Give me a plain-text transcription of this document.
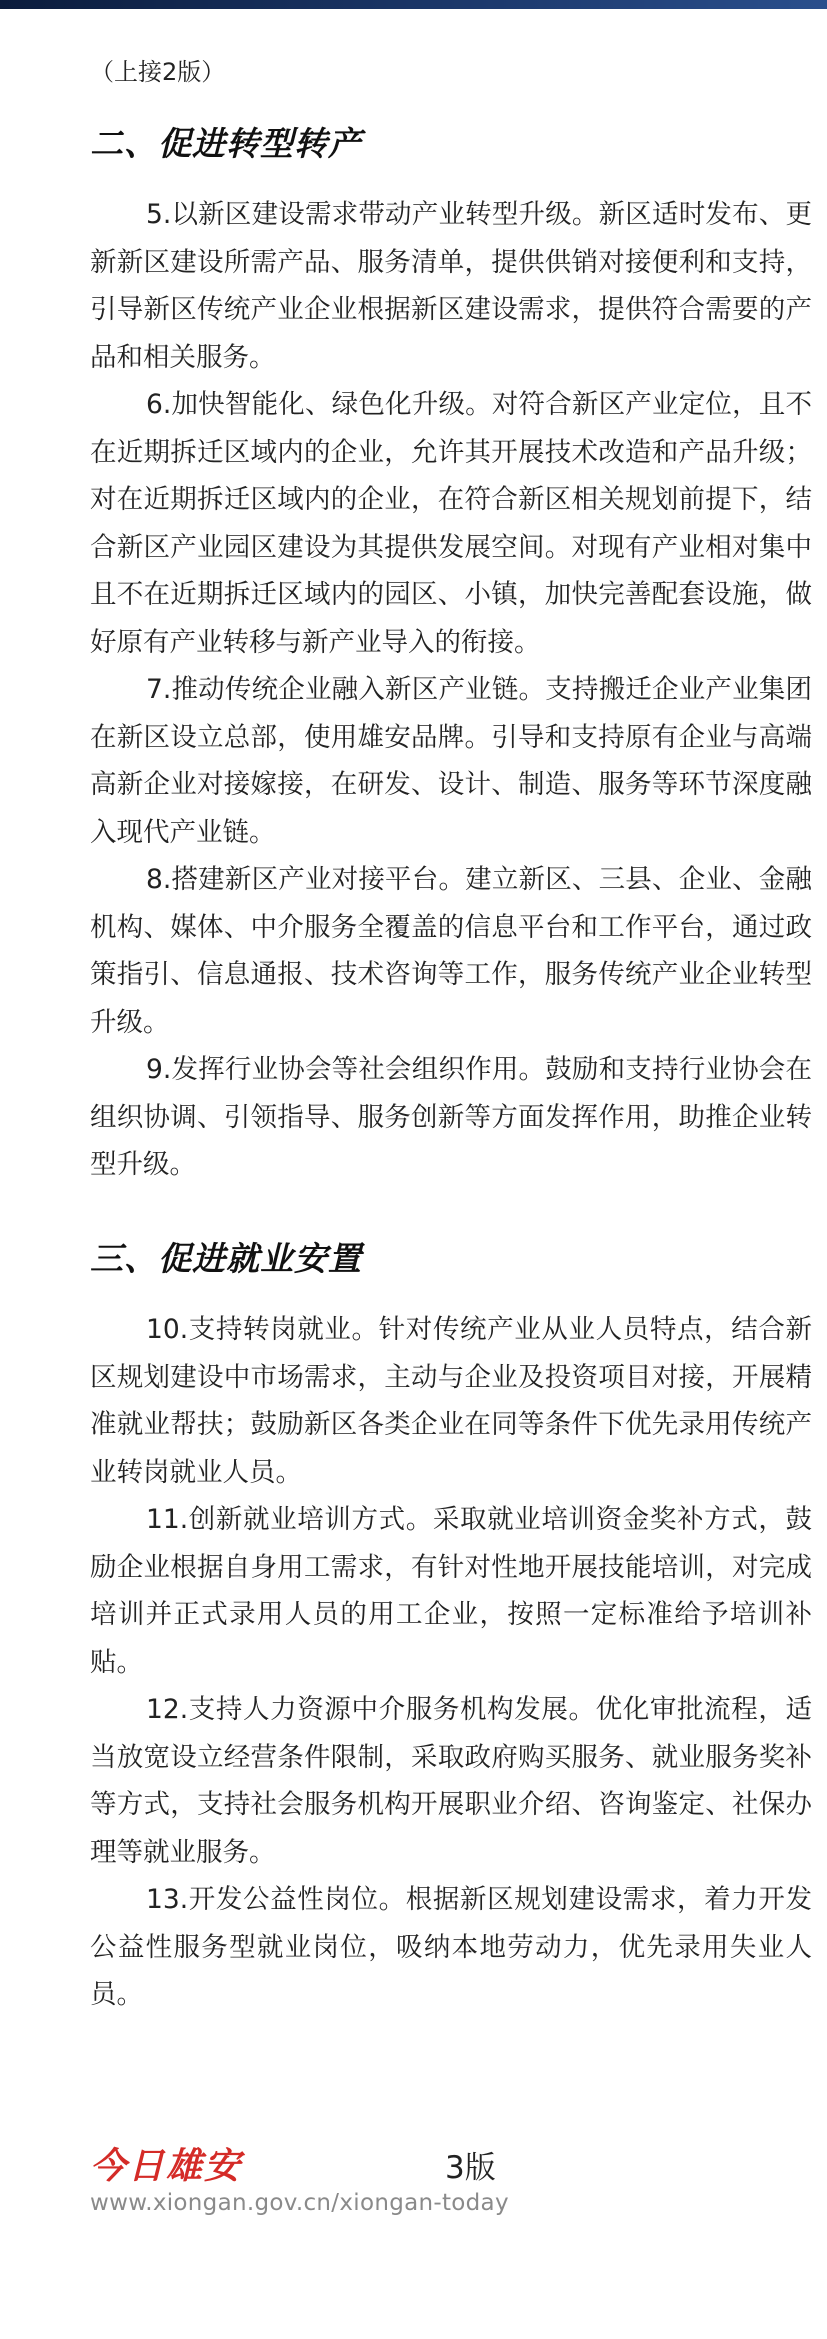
（上接2版）
二、促进转型转产

5.以新区建设需求带动产业转型升级。新区适时发布、更新新区建设所需产品、服务清单，提供供销对接便利和支持，引导新区传统产业企业根据新区建设需求，提供符合需要的产品和相关服务。

6.加快智能化、绿色化升级。对符合新区产业定位，且不在近期拆迁区域内的企业，允许其开展技术改造和产品升级；对在近期拆迁区域内的企业，在符合新区相关规划前提下，结合新区产业园区建设为其提供发展空间。对现有产业相对集中且不在近期拆迁区域内的园区、小镇，加快完善配套设施，做好原有产业转移与新产业导入的衔接。

7.推动传统企业融入新区产业链。支持搬迁企业产业集团在新区设立总部，使用雄安品牌。引导和支持原有企业与高端高新企业对接嫁接，在研发、设计、制造、服务等环节深度融入现代产业链。

8.搭建新区产业对接平台。建立新区、三县、企业、金融机构、媒体、中介服务全覆盖的信息平台和工作平台，通过政策指引、信息通报、技术咨询等工作，服务传统产业企业转型升级。

9.发挥行业协会等社会组织作用。鼓励和支持行业协会在组织协调、引领指导、服务创新等方面发挥作用，助推企业转型升级。

三、促进就业安置

10.支持转岗就业。针对传统产业从业人员特点，结合新区规划建设中市场需求，主动与企业及投资项目对接，开展精准就业帮扶；鼓励新区各类企业在同等条件下优先录用传统产业转岗就业人员。

11.创新就业培训方式。采取就业培训资金奖补方式，鼓励企业根据自身用工需求，有针对性地开展技能培训，对完成培训并正式录用人员的用工企业，按照一定标准给予培训补贴。

12.支持人力资源中介服务机构发展。优化审批流程，适当放宽设立经营条件限制，采取政府购买服务、就业服务奖补等方式，支持社会服务机构开展职业介绍、咨询鉴定、社保办理等就业服务。

13.开发公益性岗位。根据新区规划建设需求，着力开发公益性服务型就业岗位，吸纳本地劳动力，优先录用失业人员。

今日雄安	3版
www.xiongan.gov.cn/xiongan-today
